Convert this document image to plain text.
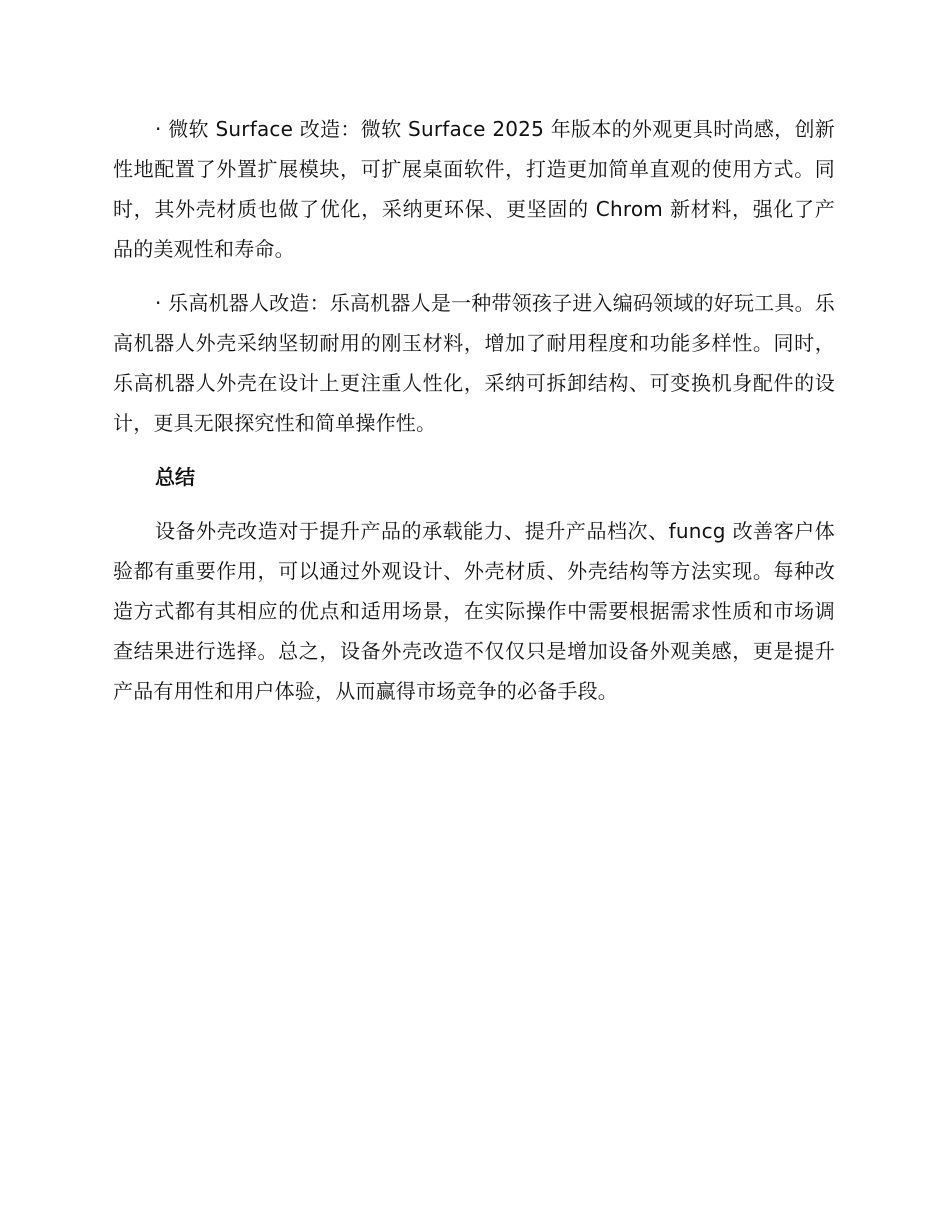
· 微软 Surface 改造：微软 Surface 2025 年版本的外观更具时尚感，创新性地配置了外置扩展模块，可扩展桌面软件，打造更加简单直观的使用方式。同时，其外壳材质也做了优化，采纳更环保、更坚固的 Chrom 新材料，强化了产品的美观性和寿命。

· 乐高机器人改造：乐高机器人是一种带领孩子进入编码领域的好玩工具。乐高机器人外壳采纳坚韧耐用的刚玉材料，增加了耐用程度和功能多样性。同时，乐高机器人外壳在设计上更注重人性化，采纳可拆卸结构、可变换机身配件的设计，更具无限探究性和简单操作性。

总结

设备外壳改造对于提升产品的承载能力、提升产品档次、funcg 改善客户体验都有重要作用，可以通过外观设计、外壳材质、外壳结构等方法实现。每种改造方式都有其相应的优点和适用场景，在实际操作中需要根据需求性质和市场调查结果进行选择。总之，设备外壳改造不仅仅只是增加设备外观美感，更是提升产品有用性和用户体验，从而赢得市场竞争的必备手段。
